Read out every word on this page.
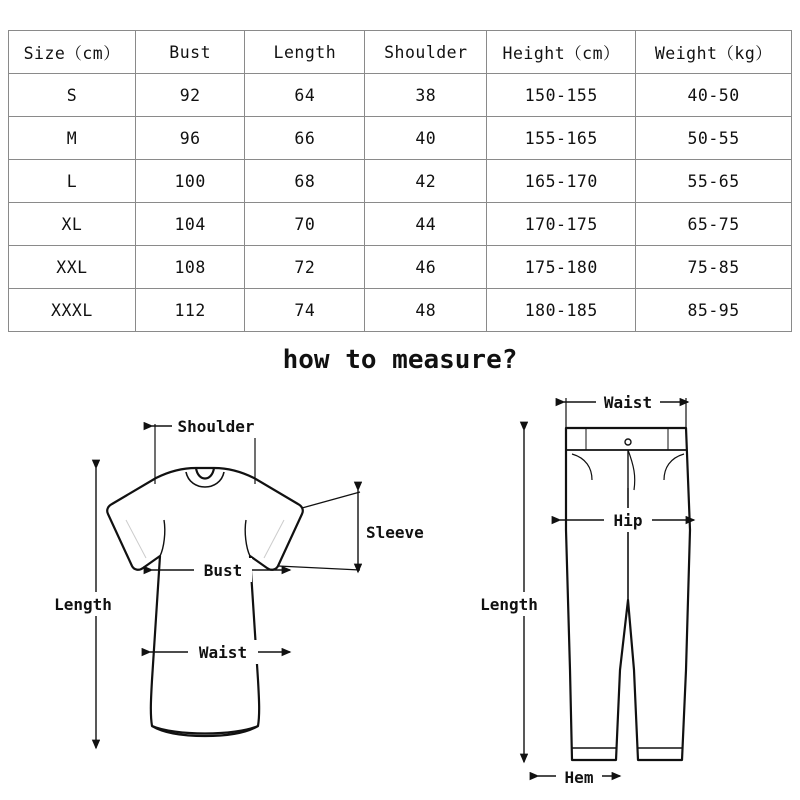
Size（cm）	Bust	Length	Shoulder	Height（cm）	Weight（kg）
S	92	64	38	150-155	40-50
M	96	66	40	155-165	50-55
L	100	68	42	165-170	55-65
XL	104	70	44	170-175	65-75
XXL	108	72	46	175-180	75-85
XXXL	112	74	48	180-185	85-95
how to measure?
Shoulder
Sleeve
Bust
Waist
Length
Waist
Hip
Length
Hem
